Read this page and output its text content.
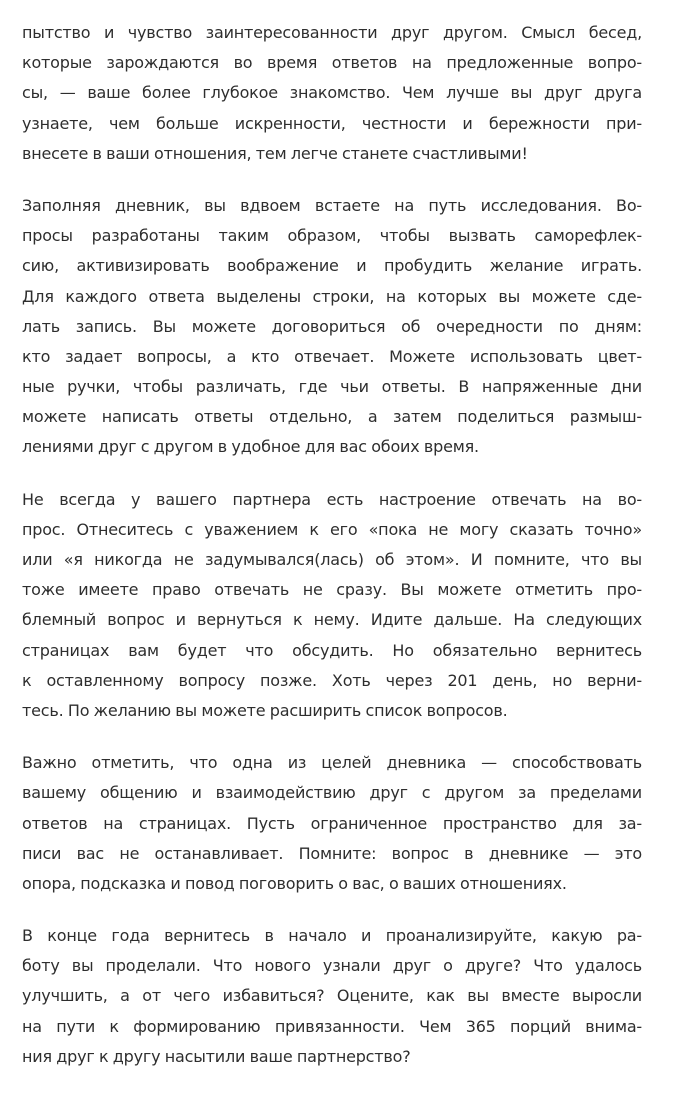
пытство и чувство заинтересованности друг другом. Смысл бесед,
которые зарождаются во время ответов на предложенные вопро-
сы, — ваше более глубокое знакомство. Чем лучше вы друг друга
узнаете, чем больше искренности, честности и бережности при-
внесете в ваши отношения, тем легче станете счастливыми!

Заполняя дневник, вы вдвоем встаете на путь исследования. Во-
просы разработаны таким образом, чтобы вызвать саморефлек-
сию, активизировать воображение и пробудить желание играть.
Для каждого ответа выделены строки, на которых вы можете сде-
лать запись. Вы можете договориться об очередности по дням:
кто задает вопросы, а кто отвечает. Можете использовать цвет-
ные ручки, чтобы различать, где чьи ответы. В напряженные дни
можете написать ответы отдельно, а затем поделиться размыш-
лениями друг с другом в удобное для вас обоих время.

Не всегда у вашего партнера есть настроение отвечать на во-
прос. Отнеситесь с уважением к его «пока не могу сказать точно»
или «я никогда не задумывался(лась) об этом». И помните, что вы
тоже имеете право отвечать не сразу. Вы можете отметить про-
блемный вопрос и вернуться к нему. Идите дальше. На следующих
страницах вам будет что обсудить. Но обязательно вернитесь
к оставленному вопросу позже. Хоть через 201 день, но верни-
тесь. По желанию вы можете расширить список вопросов.

Важно отметить, что одна из целей дневника — способствовать
вашему общению и взаимодействию друг с другом за пределами
ответов на страницах. Пусть ограниченное пространство для за-
писи вас не останавливает. Помните: вопрос в дневнике — это
опора, подсказка и повод поговорить о вас, о ваших отношениях.

В конце года вернитесь в начало и проанализируйте, какую ра-
боту вы проделали. Что нового узнали друг о друге? Что удалось
улучшить, а от чего избавиться? Оцените, как вы вместе выросли
на пути к формированию привязанности. Чем 365 порций внима-
ния друг к другу насытили ваше партнерство?
